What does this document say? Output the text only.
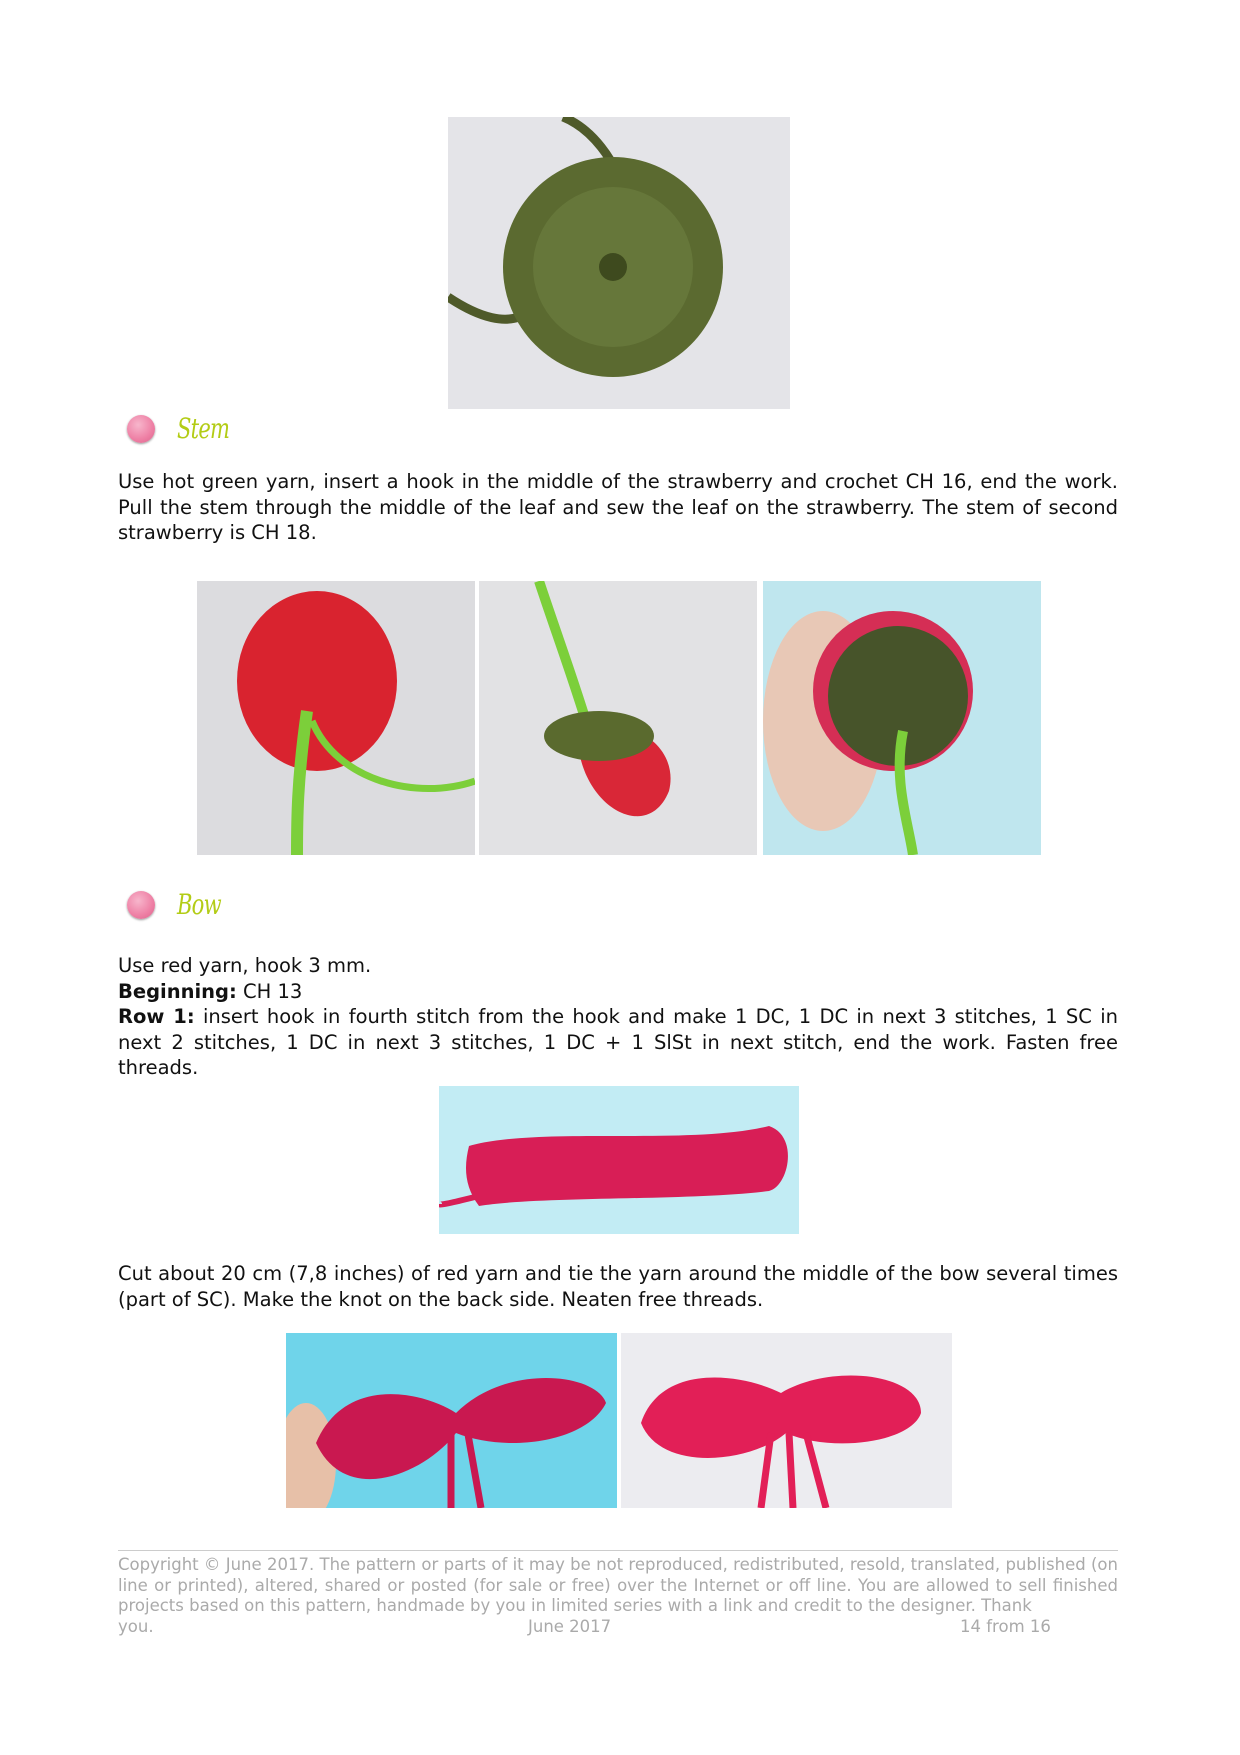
Stem
Use hot green yarn, insert a hook in the middle of the strawberry and crochet CH 16, end the work. Pull the stem through the middle of the leaf and sew the leaf on the strawberry. The stem of second strawberry is CH 18.
Bow
Use red yarn, hook 3 mm.
Beginning: CH 13
Row 1: insert hook in fourth stitch from the hook and make 1 DC, 1 DC in next 3 stitches, 1 SC in next 2 stitches, 1 DC in next 3 stitches, 1 DC + 1 SlSt in next stitch, end the work. Fasten free threads.
Cut about 20 cm (7,8 inches) of red yarn and tie the yarn around the middle of the bow several times (part of SC). Make the knot on the back side. Neaten free threads.
Copyright © June 2017. The pattern or parts of it may be not reproduced, redistributed, resold, translated, published (on line or printed), altered, shared or posted (for sale or free) over the Internet or off line. You are allowed to sell finished projects based on this pattern, handmade by you in limited series with a link and credit to the designer. Thank
you.	June 2017	14 from 16
